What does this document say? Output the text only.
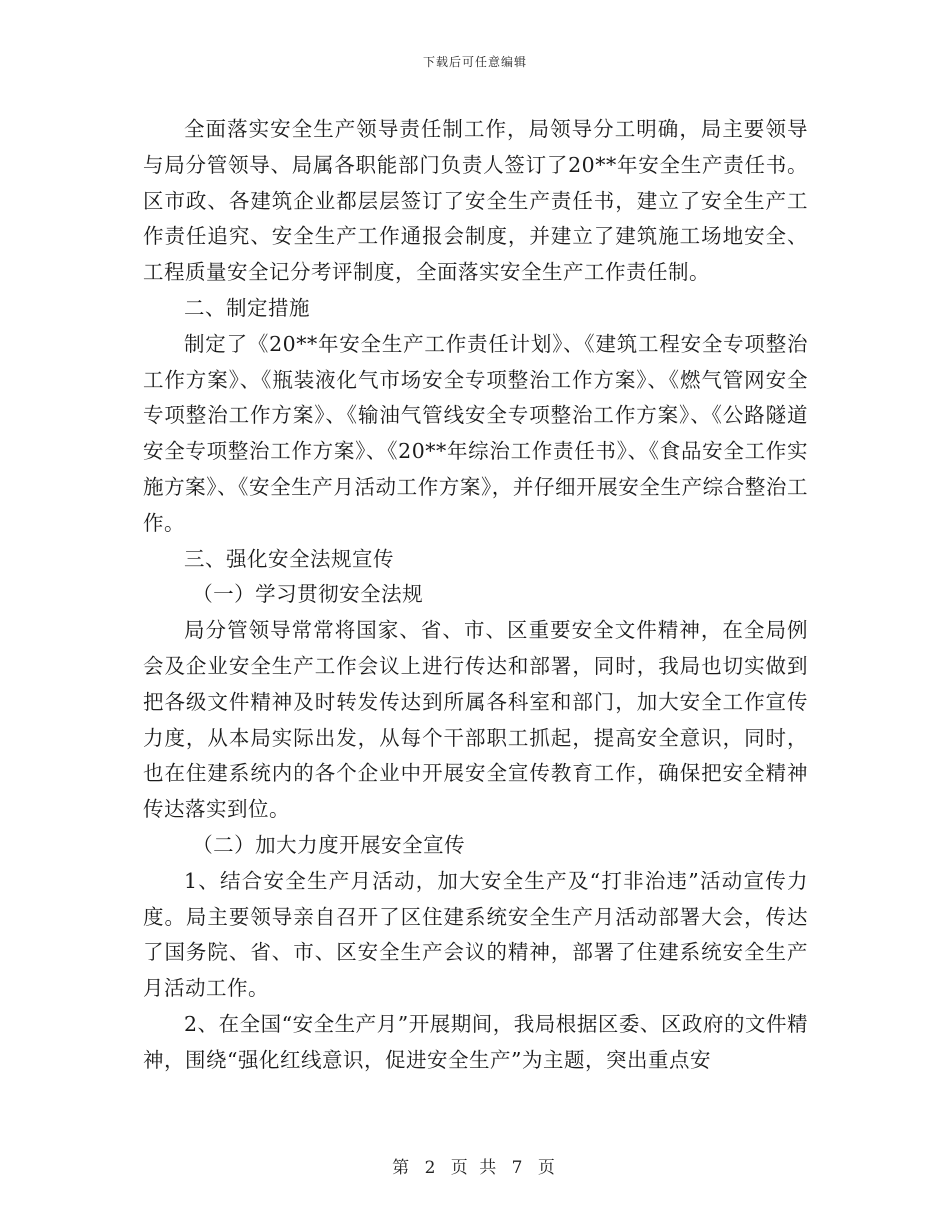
下载后可任意编辑

全面落实安全生产领导责任制工作，局领导分工明确，局主要领导与局分管领导、局属各职能部门负责人签订了20**年安全生产责任书。区市政、各建筑企业都层层签订了安全生产责任书，建立了安全生产工作责任追究、安全生产工作通报会制度，并建立了建筑施工场地安全、工程质量安全记分考评制度，全面落实安全生产工作责任制。

二、制定措施

制定了《20**年安全生产工作责任计划》、《建筑工程安全专项整治工作方案》、《瓶装液化气市场安全专项整治工作方案》、《燃气管网安全专项整治工作方案》、《输油气管线安全专项整治工作方案》、《公路隧道安全专项整治工作方案》、《20**年综治工作责任书》、《食品安全工作实施方案》、《安全生产月活动工作方案》，并仔细开展安全生产综合整治工作。

三、强化安全法规宣传

（一）学习贯彻安全法规

局分管领导常常将国家、省、市、区重要安全文件精神，在全局例会及企业安全生产工作会议上进行传达和部署，同时，我局也切实做到把各级文件精神及时转发传达到所属各科室和部门，加大安全工作宣传力度，从本局实际出发，从每个干部职工抓起，提高安全意识，同时，也在住建系统内的各个企业中开展安全宣传教育工作，确保把安全精神传达落实到位。

（二）加大力度开展安全宣传

1、结合安全生产月活动，加大安全生产及“打非治违”活动宣传力度。局主要领导亲自召开了区住建系统安全生产月活动部署大会，传达了国务院、省、市、区安全生产会议的精神，部署了住建系统安全生产月活动工作。

2、在全国“安全生产月”开展期间，我局根据区委、区政府的文件精神，围绕“强化红线意识，促进安全生产”为主题，突出重点安

第 2 页 共 7 页
